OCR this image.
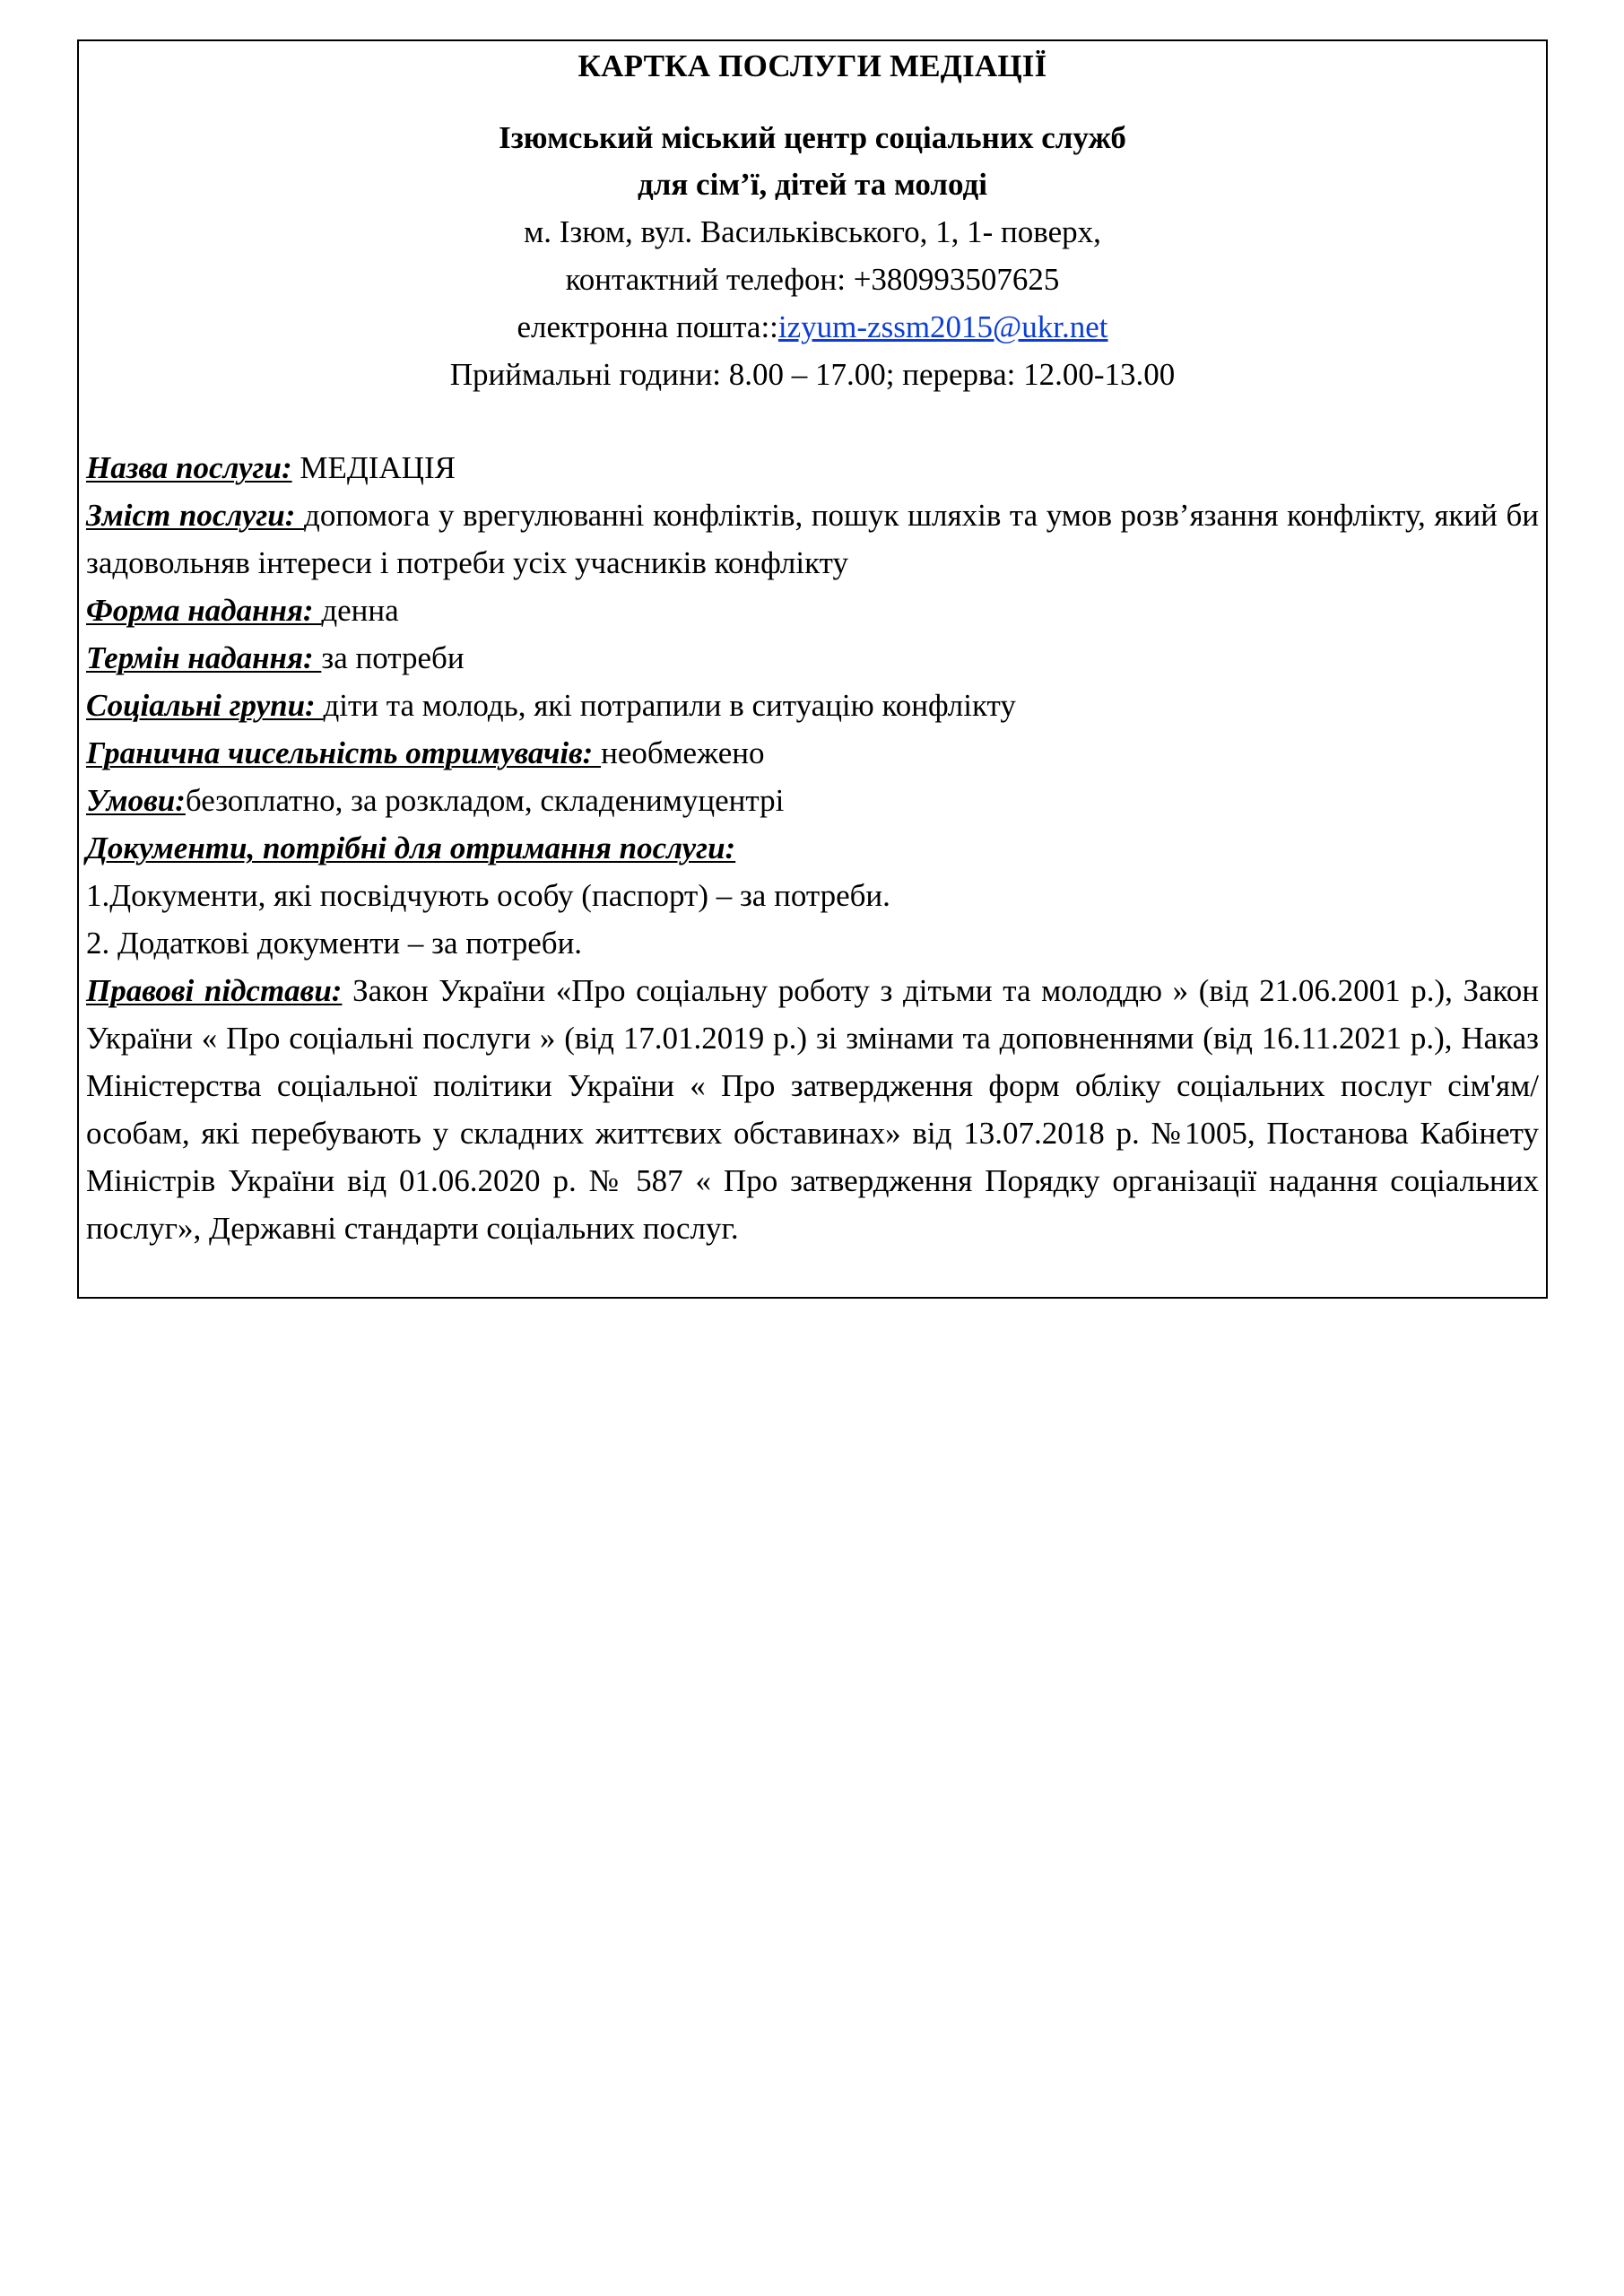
КАРТКА ПОСЛУГИ МЕДІАЦІЇ
Ізюмський міський центр соціальних служб
для сім’ї, дітей та молоді
м. Ізюм, вул. Васильківського, 1, 1- поверх,
контактний телефон: +380993507625
електронна пошта::izyum-zssm2015@ukr.net
Приймальні години: 8.00 – 17.00; перерва: 12.00-13.00
Назва послуги: МЕДІАЦІЯ
Зміст послуги: допомога у врегулюванні конфліктів, пошук шляхів та умов розв’язання конфлікту, який би задовольняв інтереси і потреби усіх учасників конфлікту
Форма надання: денна
Термін надання: за потреби
Соціальні групи: діти та молодь, які потрапили в ситуацію конфлікту
Гранична чисельність отримувачів: необмежено
Умови:безоплатно, за розкладом, складенимуцентрі
Документи, потрібні для отримання послуги:
1.Документи, які посвідчують особу (паспорт) – за потреби.
2. Додаткові документи – за потреби.
Правові підстави: Закон України «Про соціальну роботу з дітьми та молоддю » (від 21.06.2001 р.), Закон України « Про соціальні послуги » (від 17.01.2019 р.) зі змінами та доповненнями (від 16.11.2021 р.), Наказ Міністерства соціальної політики України « Про затвердження форм обліку соціальних послуг сім'ям/особам, які перебувають у складних життєвих обставинах» від 13.07.2018 р. №1005, Постанова Кабінету Міністрів України від 01.06.2020 р. № 587 « Про затвердження Порядку організації надання соціальних послуг», Державні стандарти соціальних послуг.
